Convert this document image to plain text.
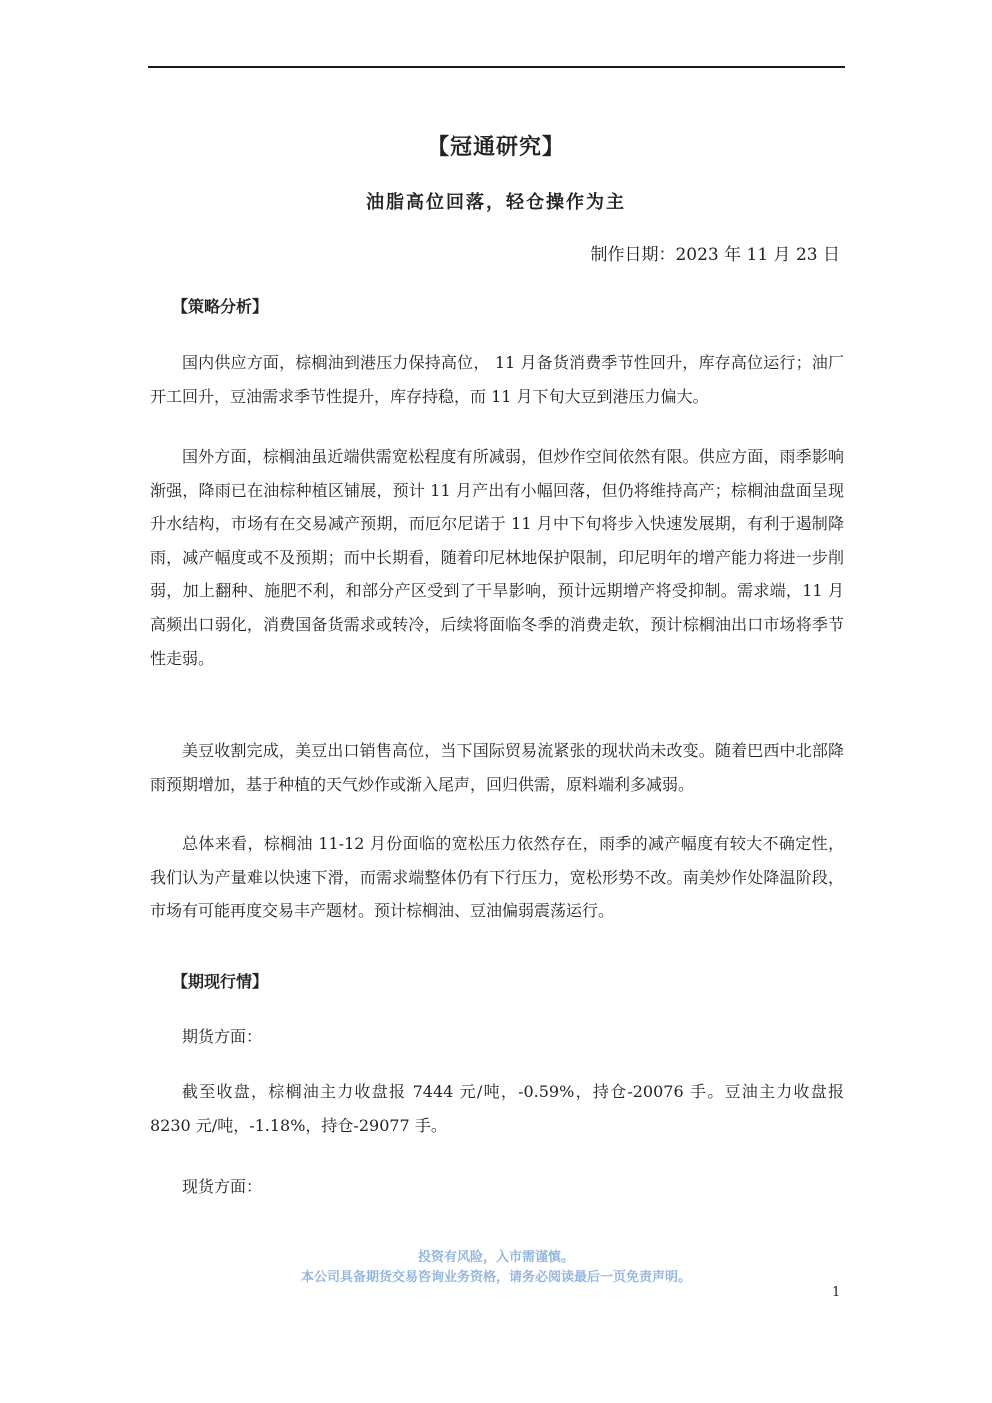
【冠通研究】
油脂高位回落，轻仓操作为主
制作日期：2023 年 11 月 23 日
【策略分析】

国内供应方面，棕榈油到港压力保持高位， 11 月备货消费季节性回升，库存高位运行；油厂开工回升，豆油需求季节性提升，库存持稳，而 11 月下旬大豆到港压力偏大。

国外方面，棕榈油虽近端供需宽松程度有所减弱，但炒作空间依然有限。供应方面，雨季影响渐强，降雨已在油棕种植区铺展，预计 11 月产出有小幅回落，但仍将维持高产；棕榈油盘面呈现升水结构，市场有在交易减产预期，而厄尔尼诺于 11 月中下旬将步入快速发展期，有利于遏制降雨，减产幅度或不及预期；而中长期看，随着印尼林地保护限制，印尼明年的增产能力将进一步削弱，加上翻种、施肥不利，和部分产区受到了干旱影响，预计远期增产将受抑制。需求端，11 月高频出口弱化，消费国备货需求或转冷，后续将面临冬季的消费走软，预计棕榈油出口市场将季节性走弱。

美豆收割完成，美豆出口销售高位，当下国际贸易流紧张的现状尚未改变。随着巴西中北部降雨预期增加，基于种植的天气炒作或渐入尾声，回归供需，原料端利多减弱。

总体来看，棕榈油 11-12 月份面临的宽松压力依然存在，雨季的减产幅度有较大不确定性，我们认为产量难以快速下滑，而需求端整体仍有下行压力，宽松形势不改。南美炒作处降温阶段，市场有可能再度交易丰产题材。预计棕榈油、豆油偏弱震荡运行。

【期现行情】

期货方面：

截至收盘，棕榈油主力收盘报 7444 元/吨，-0.59%，持仓-20076 手。豆油主力收盘报 8230 元/吨，-1.18%，持仓-29077 手。

现货方面：

投资有风险，入市需谨慎。
本公司具备期货交易咨询业务资格，请务必阅读最后一页免责声明。
1
